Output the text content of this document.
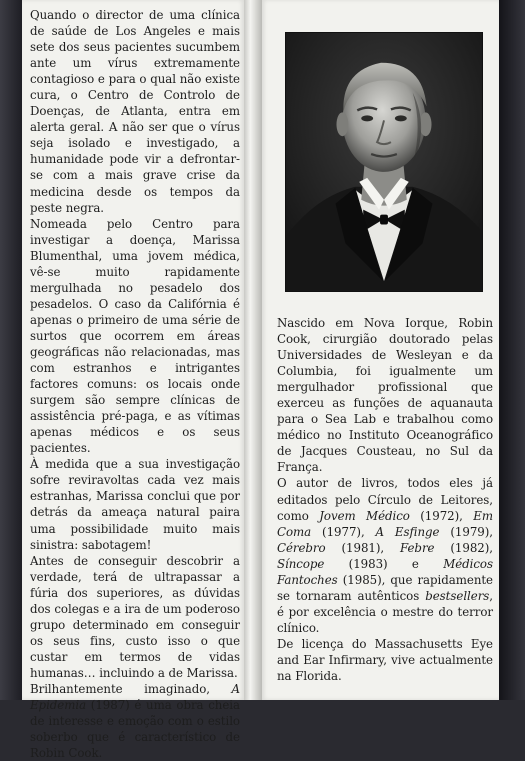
Quando o director de uma clínica de saúde de Los Angeles e mais sete dos seus pacientes sucumbem ante um vírus extremamente contagioso e para o qual não existe cura, o Centro de Controlo de Doenças, de Atlanta, entra em alerta geral. A não ser que o vírus seja isolado e investigado, a humanidade pode vir a defrontar-se com a mais grave crise da medicina desde os tempos da peste negra.

Nomeada pelo Centro para investigar a doença, Marissa Blumenthal, uma jovem médica, vê-se muito rapidamente mergulhada no pesadelo dos pesadelos. O caso da Califórnia é apenas o primeiro de uma série de surtos que ocorrem em áreas geográficas não relacionadas, mas com estranhos e intrigantes factores comuns: os locais onde surgem são sempre clínicas de assistência pré-paga, e as vítimas apenas médicos e os seus pacientes.

À medida que a sua investigação sofre reviravoltas cada vez mais estranhas, Marissa conclui que por detrás da ameaça natural paira uma possibilidade muito mais sinistra: sabotagem!

Antes de conseguir descobrir a verdade, terá de ultrapassar a fúria dos superiores, as dúvidas dos colegas e a ira de um poderoso grupo determinado em conseguir os seus fins, custo isso o que custar em termos de vidas humanas… incluindo a de Marissa.

Brilhantemente imaginado, A Epidemia (1987) é uma obra cheia de interesse e emoção com o estilo soberbo que é característico de Robin Cook.

Nascido em Nova Iorque, Robin Cook, cirurgião doutorado pelas Universidades de Wesleyan e da Columbia, foi igualmente um mergulhador profissional que exerceu as funções de aquanauta para o Sea Lab e trabalhou como médico no Instituto Oceanográfico de Jacques Cousteau, no Sul da França.

O autor de livros, todos eles já editados pelo Círculo de Leitores, como Jovem Médico (1972), Em Coma (1977), A Esfinge (1979), Cérebro (1981), Febre (1982), Síncope (1983) e Médicos Fantoches (1985), que rapidamente se tornaram autênticos bestsellers, é por excelência o mestre do terror clínico.

De licença do Massachusetts Eye and Ear Infirmary, vive actualmente na Florida.
